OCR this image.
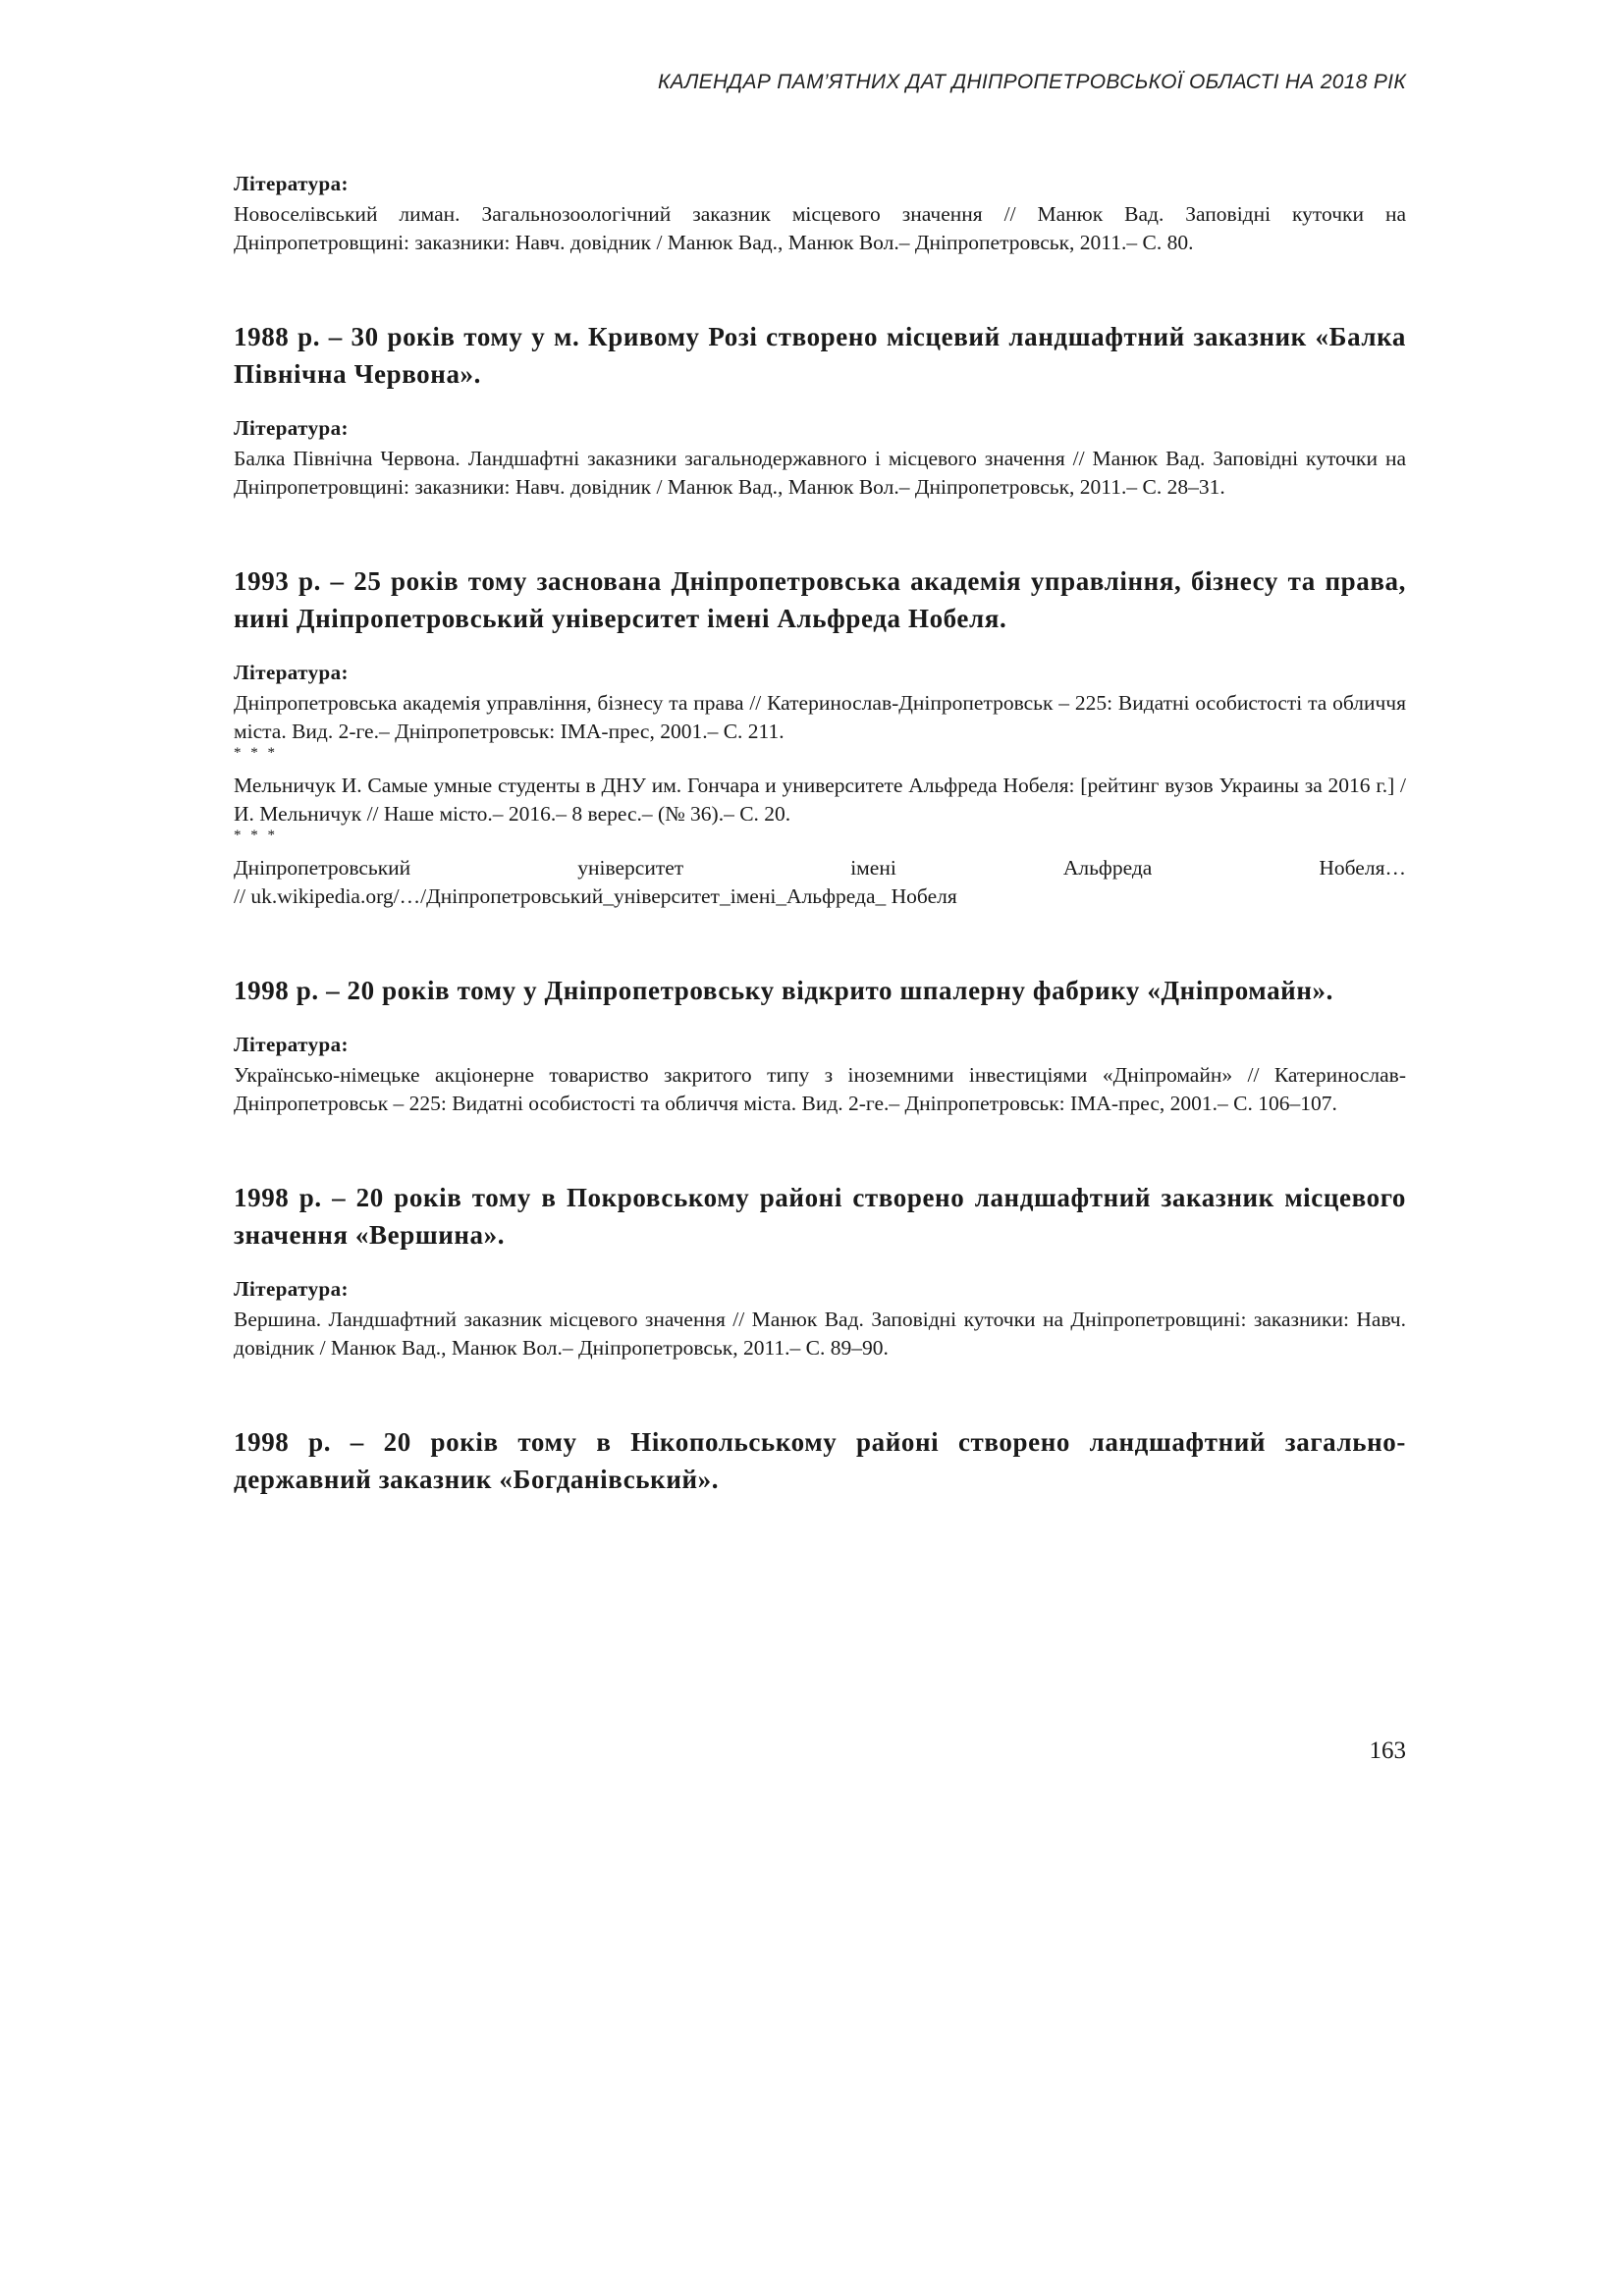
КАЛЕНДАР ПАМ’ЯТНИХ ДАТ ДНІПРОПЕТРОВСЬКОЇ ОБЛАСТІ НА 2018 РІК

Література:

Новоселівський лиман. Загальнозоологічний заказник місцевого значення // Манюк Вад. Заповідні куточки на Дніпропетровщині: заказники: Навч. довідник / Манюк Вад., Манюк Вол.– Дніпропетровськ, 2011.– С. 80.

1988 р. – 30 років тому у м. Кривому Розі створено місцевий ландшафтний заказник «Балка Північна Червона».

Література:

Балка Північна Червона. Ландшафтні заказники загальнодержавного і місцевого значення // Манюк Вад. Заповідні куточки на Дніпропетровщині: заказники: Навч. довідник / Манюк Вад., Манюк Вол.– Дніпропетровськ, 2011.– С. 28–31.

1993 р. – 25 років тому заснована Дніпропетровська академія управління, бізнесу та права, нині Дніпропетровський університет імені Альфреда Нобеля.

Література:

Дніпропетровська академія управління, бізнесу та права // Катеринослав-Дніпропетровськ – 225: Видатні особистості та обличчя міста. Вид. 2-ге.– Дніпропетровськ: ІМА-прес, 2001.– С. 211.

* * *

Мельничук И. Самые умные студенты в ДНУ им. Гончара и университете Альфреда Нобеля: [рейтинг вузов Украины за 2016 г.] / И. Мельничук // Наше місто.– 2016.– 8 верес.– (№ 36).– С. 20.

* * *

Дніпропетровський	університет	імені	Альфреда	Нобеля…

// uk.wikipedia.org/…/Дніпропетровський_університет_імені_Альфреда_ Нобеля

1998 р. – 20 років тому у Дніпропетровську відкрито шпалерну фабрику «Дніпромайн».

Література:

Українсько-німецьке акціонерне товариство закритого типу з іноземними інвестиціями «Дніпромайн» // Катеринослав-Дніпропетровськ – 225: Видатні особистості та обличчя міста. Вид. 2-ге.– Дніпропетровськ: ІМА-прес, 2001.– С. 106–107.

1998 р. – 20 років тому в Покровському районі створено ландшафтний заказник місцевого значення «Вершина».

Література:

Вершина. Ландшафтний заказник місцевого значення // Манюк Вад. Заповідні куточки на Дніпропетровщині: заказники: Навч. довідник / Манюк Вад., Манюк Вол.– Дніпропетровськ, 2011.– С. 89–90.

1998 р. – 20 років тому в Нікопольському районі створено ландшафтний загально-державний заказник «Богданівський».
163
